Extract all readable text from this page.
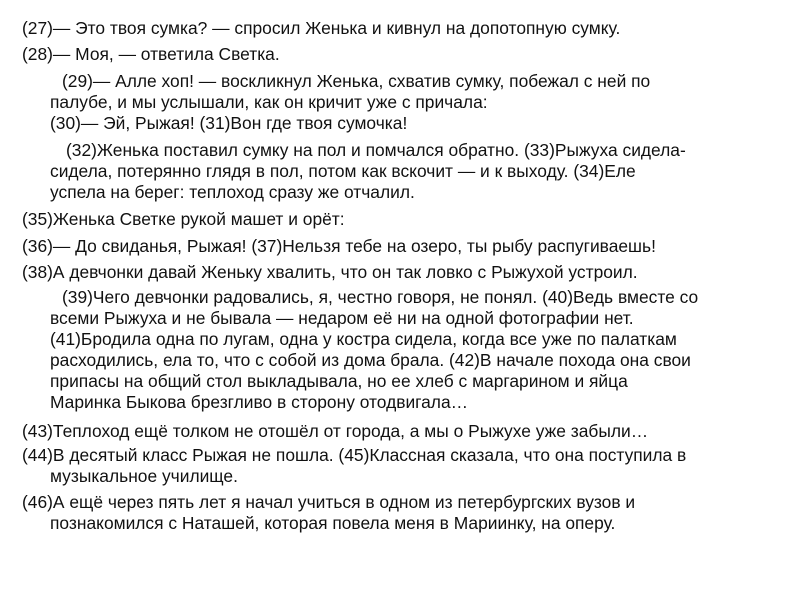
(27)— Это твоя сумка? — спросил Женька и кивнул на допотопную сумку.

(28)— Моя, — ответила Светка.

(29)— Алле хоп! — воскликнул Женька, схватив сумку, побежал с ней по
палубе, и мы услышали, как он кричит уже с причала:
(30)— Эй, Рыжая! (31)Вон где твоя сумочка!

(32)Женька поставил сумку на пол и помчался обратно. (33)Рыжуха сидела-
сидела, потерянно глядя в пол, потом как вскочит — и к выходу. (34)Еле
успела на берег: теплоход сразу же отчалил.

(35)Женька Светке рукой машет и орёт:

(36)— До свиданья, Рыжая! (37)Нельзя тебе на озеро, ты рыбу распугиваешь!

(38)А девчонки давай Женьку хвалить, что он так ловко с Рыжухой устроил.

(39)Чего девчонки радовались, я, честно говоря, не понял. (40)Ведь вместе со
всеми Рыжуха и не бывала — недаром её ни на одной фотографии нет.
(41)Бродила одна по лугам, одна у костра сидела, когда все уже по палаткам
расходились, ела то, что с собой из дома брала. (42)В начале похода она свои
припасы на общий стол выкладывала, но ее хлеб с маргарином и яйца
Маринка Быкова брезгливо в сторону отодвигала…

(43)Теплоход ещё толком не отошёл от города, а мы о Рыжухе уже забыли…

(44)В десятый класс Рыжая не пошла. (45)Классная сказала, что она поступила в
музыкальное училище.

(46)А ещё через пять лет я начал учиться в одном из петербургских вузов и
познакомился с Наташей, которая повела меня в Мариинку, на оперу.
